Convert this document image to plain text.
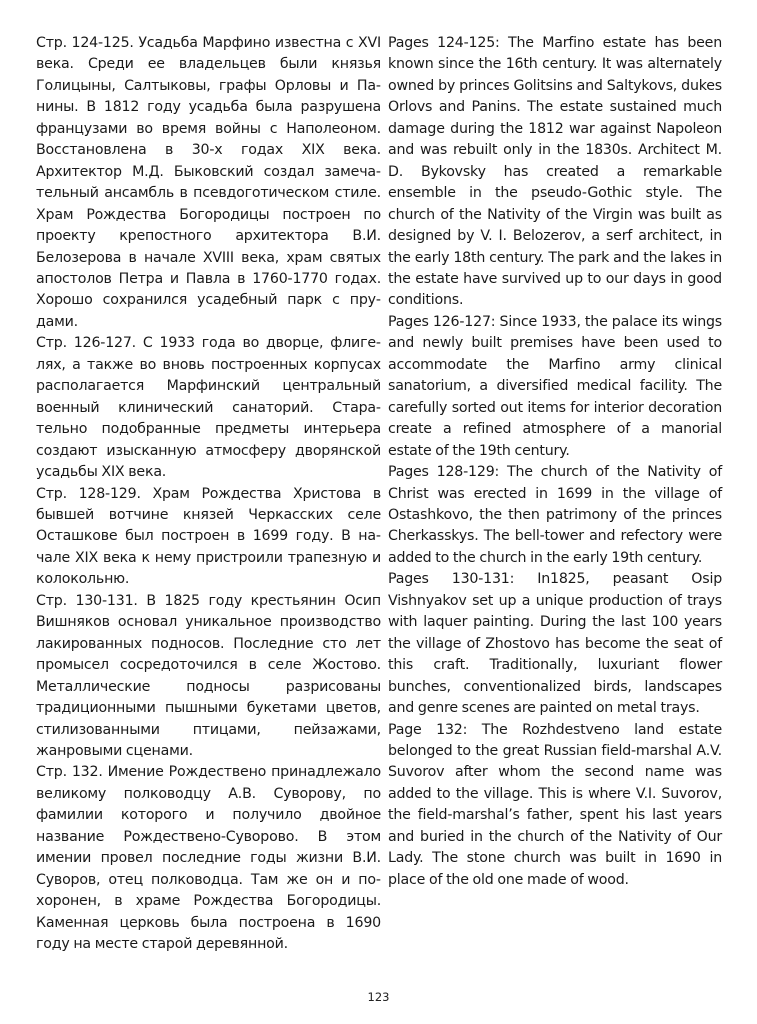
Стр. 124-125. Усадьба Марфино известна с XVI века. Среди ее владельцев были князья Голицыны, Салтыковы, графы Орловы и Панины. В 1812 году усадьба была разрушена французами во время войны с Наполеоном. Восстановлена в 30-х годах XIX века. Архитектор М.Д. Быковский создал замечательный ансамбль в псевдоготическом стиле. Храм Рождества Богородицы построен по проекту крепостного архитектора В.И. Белозерова в начале XVIII века, храм святых апостолов Петра и Павла в 1760-1770 годах. Хорошо сохранился усадебный парк с прудами.

Стр. 126-127. С 1933 года во дворце, флигелях, а также во вновь построенных корпусах располагается Марфинский центральный военный клинический санаторий. Старательно подобранные предметы интерьера создают изысканную атмосферу дворянской усадьбы XIX века.

Стр. 128-129. Храм Рождества Христова в бывшей вотчине князей Черкасских селе Осташкове был построен в 1699 году. В начале XIX века к нему пристроили трапезную и колокольню.

Стр. 130-131. В 1825 году крестьянин Осип Вишняков основал уникальное производство лакированных подносов. Последние сто лет промысел сосредоточился в селе Жостово. Металлические подносы разрисованы традиционными пышными букетами цветов, стилизованными птицами, пейзажами, жанровыми сценами.

Стр. 132. Имение Рождествено принадлежало великому полководцу А.В. Суворову, по фамилии которого и получило двойное название Рождествено-Суворово. В этом имении провел последние годы жизни В.И. Суворов, отец полководца. Там же он и похоронен, в храме Рождества Богородицы. Каменная церковь была построена в 1690 году на месте старой деревянной.

Pages 124-125: The Marfino estate has been known since the 16th century. It was alternately owned by princes Golitsins and Saltykovs, dukes Orlovs and Panins. The estate sustained much damage during the 1812 war against Napoleon and was rebuilt only in the 1830s. Architect M. D. Bykovsky has created a remarkable ensemble in the pseudo-Gothic style. The church of the Nativity of the Virgin was built as designed by V. I. Belozerov, a serf architect, in the early 18th century. The park and the lakes in the estate have survived up to our days in good conditions.

Pages 126-127: Since 1933, the palace its wings and newly built premises have been used to accommodate the Marfino army clinical sanatorium, a diversified medical facility. The carefully sorted out items for interior decoration create a refined atmosphere of a manorial estate of the 19th century.

Pages 128-129: The church of the Nativity of Christ was erected in 1699 in the village of Ostashkovo, the then patrimony of the princes Cherkasskys. The bell-tower and refectory were added to the church in the early 19th century.

Pages 130-131: In1825, peasant Osip Vishnyakov set up a unique production of trays with laquer painting. During the last 100 years the village of Zhostovo has become the seat of this craft. Traditionally, luxuriant flower bunches, conventionalized birds, landscapes and genre scenes are painted on metal trays.

Page 132: The Rozhdestveno land estate belonged to the great Russian field-marshal A.V. Suvorov after whom the second name was added to the village. This is where V.I. Suvorov, the field-marshal’s father, spent his last years and buried in the church of the Nativity of Our Lady. The stone church was built in 1690 in place of the old one made of wood.

123
